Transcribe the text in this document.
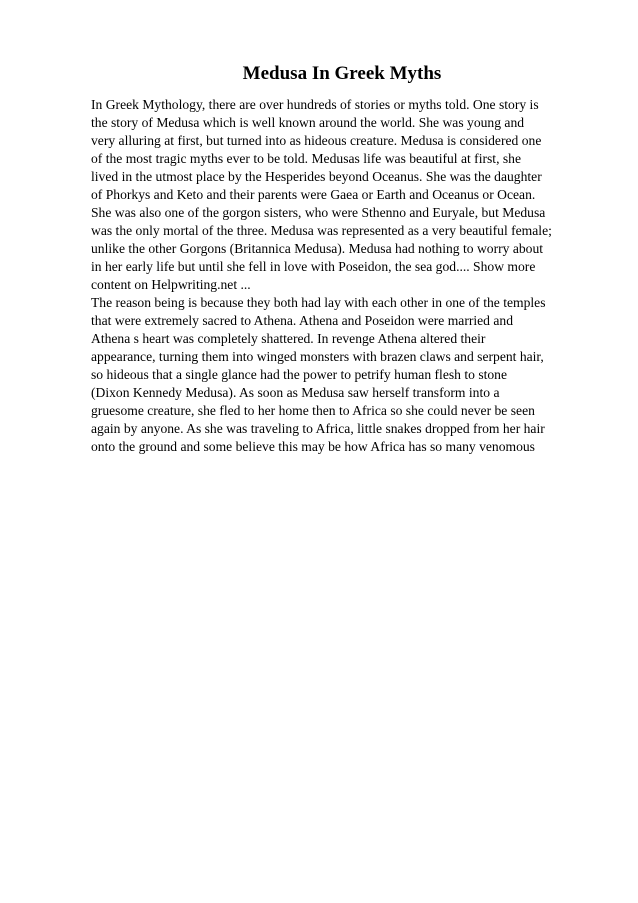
Medusa In Greek Myths
In Greek Mythology, there are over hundreds of stories or myths told. One story is
the story of Medusa which is well known around the world. She was young and
very alluring at first, but turned into as hideous creature. Medusa is considered one
of the most tragic myths ever to be told. Medusas life was beautiful at first, she
lived in the utmost place by the Hesperides beyond Oceanus. She was the daughter
of Phorkys and Keto and their parents were Gaea or Earth and Oceanus or Ocean.
She was also one of the gorgon sisters, who were Sthenno and Euryale, but Medusa
was the only mortal of the three. Medusa was represented as a very beautiful female;
unlike the other Gorgons (Britannica Medusa). Medusa had nothing to worry about
in her early life but until she fell in love with Poseidon, the sea god.... Show more
content on Helpwriting.net ...
The reason being is because they both had lay with each other in one of the temples
that were extremely sacred to Athena. Athena and Poseidon were married and
Athena s heart was completely shattered. In revenge Athena altered their
appearance, turning them into winged monsters with brazen claws and serpent hair,
so hideous that a single glance had the power to petrify human flesh to stone
(Dixon Kennedy Medusa). As soon as Medusa saw herself transform into a
gruesome creature, she fled to her home then to Africa so she could never be seen
again by anyone. As she was traveling to Africa, little snakes dropped from her hair
onto the ground and some believe this may be how Africa has so many venomous
